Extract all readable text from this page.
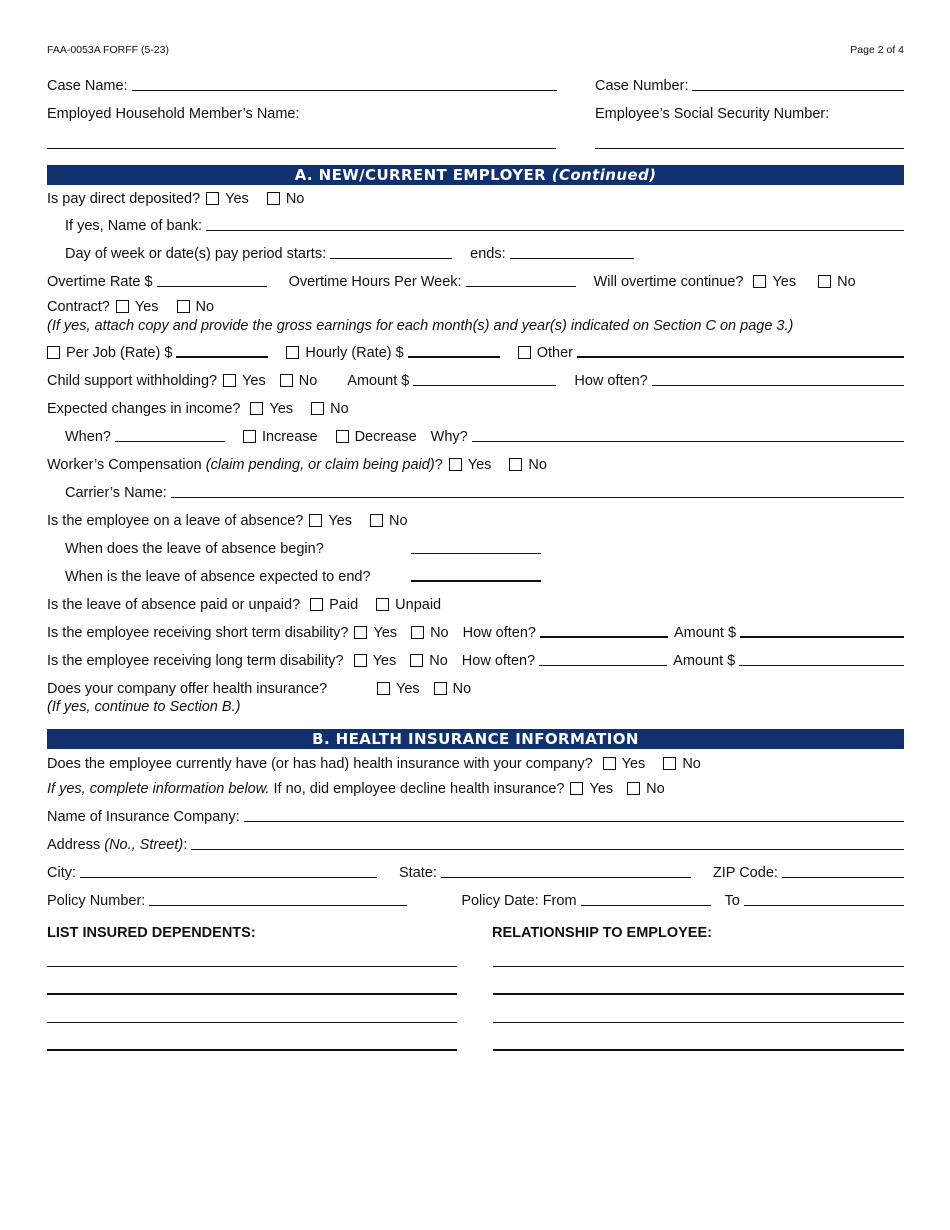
FAA-0053A FORFF (5-23)	Page 2 of 4
Case Name:	Case Number:
Employed Household Member’s Name:	Employee’s Social Security Number:
A. NEW/CURRENT EMPLOYER
(Continued)
Is pay direct deposited? Yes	No
If yes, Name of bank:
Day of week or date(s) pay period starts:	ends:
Overtime Rate $	Overtime Hours Per Week:	Will overtime continue? Yes	No
Contract? Yes	No
(If yes, attach copy and provide the gross earnings for each month(s) and year(s) indicated on Section C on page 3.)
Per Job (Rate) $	Hourly (Rate) $	Other
Child support withholding? Yes No Amount $	How often?
Expected changes in income? Yes	No
When?	Increase	Decrease Why?
Worker’s Compensation
(claim pending, or claim being paid) ? Yes	No
Carrier’s Name:
Is the employee on a leave of absence? Yes	No
When does the leave of absence begin?
When is the leave of absence expected to end?
Is the leave of absence paid or unpaid? Paid	Unpaid
Is the employee receiving short term disability? Yes No How often?	Amount $
Is the employee receiving long term disability? Yes No How often?	Amount $
Does your company offer health insurance?	Yes No
(If yes, continue to Section B.)
B. HEALTH INSURANCE INFORMATION
Does the employee currently have (or has had) health insurance with your company? Yes	No
If yes, complete information below.
If no, did employee decline health insurance? Yes No
Name of Insurance Company:
Address
(No., Street) :
City:	State:	ZIP Code:
Policy Number:	Policy Date: From	To
LIST INSURED DEPENDENTS:	RELATIONSHIP TO EMPLOYEE:
